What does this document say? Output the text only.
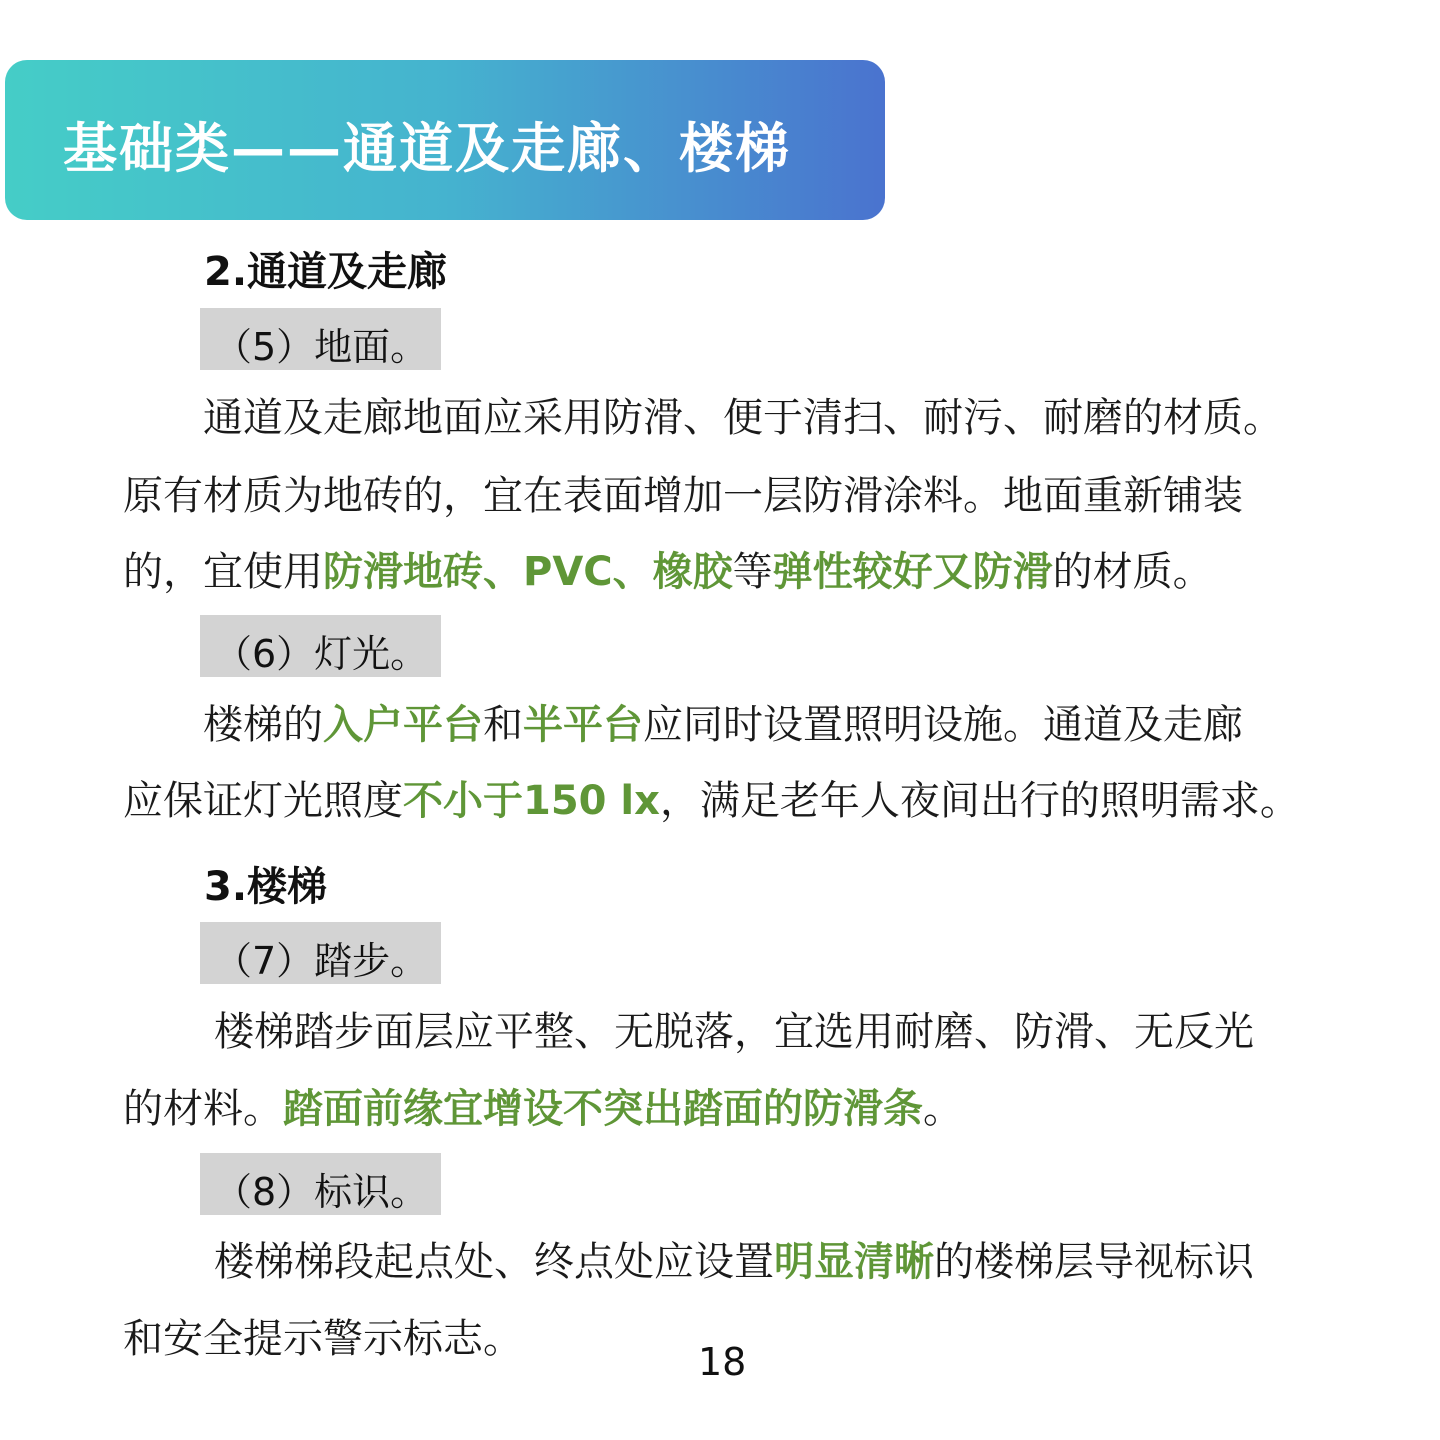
基础类——通道及走廊、楼梯
2.通道及走廊
（5）地面。
通道及走廊地面应采用防滑、便于清扫、耐污、耐磨的材质。
原有材质为地砖的，宜在表面增加一层防滑涂料。地面重新铺装
的，宜使用防滑地砖、PVC、橡胶等弹性较好又防滑的材质。
（6）灯光。
楼梯的入户平台和半平台应同时设置照明设施。通道及走廊
应保证灯光照度不小于150 lx，满足老年人夜间出行的照明需求。
3.楼梯
（7）踏步。
楼梯踏步面层应平整、无脱落，宜选用耐磨、防滑、无反光
的材料。踏面前缘宜增设不突出踏面的防滑条。
（8）标识。
楼梯梯段起点处、终点处应设置明显清晰的楼梯层导视标识
和安全提示警示标志。	18
